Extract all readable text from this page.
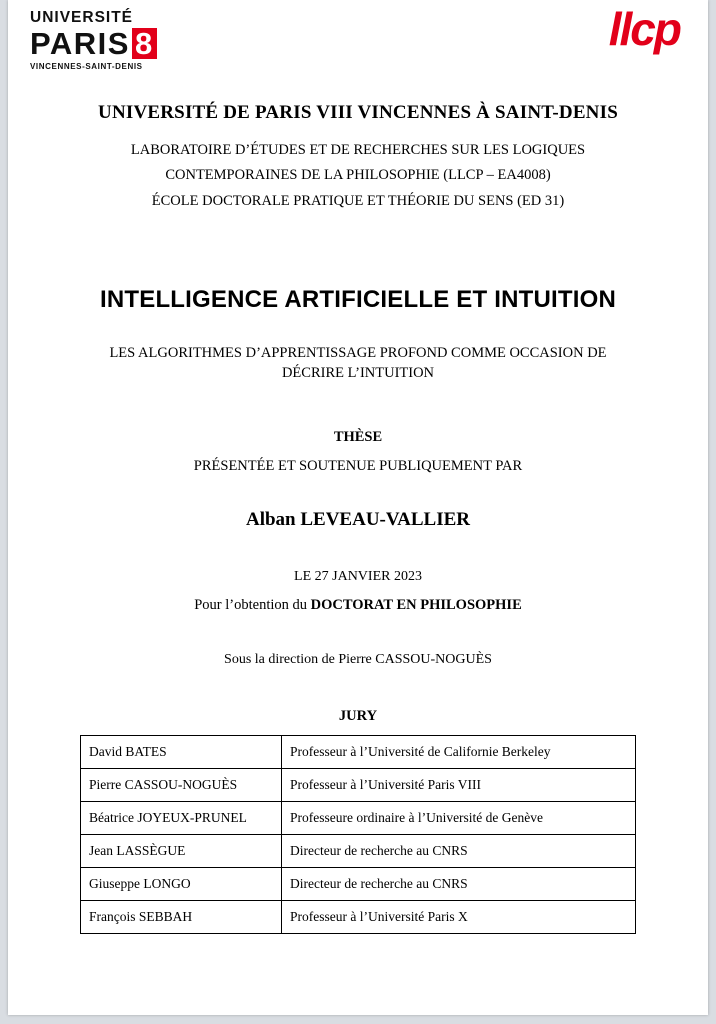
UNIVERSITÉ
PARIS 8
VINCENNES-SAINT-DENIS
llcp
UNIVERSITÉ DE PARIS VIII VINCENNES À SAINT-DENIS
LABORATOIRE D’ÉTUDES ET DE RECHERCHES SUR LES LOGIQUES
CONTEMPORAINES DE LA PHILOSOPHIE (LLCP – EA4008)
ÉCOLE DOCTORALE PRATIQUE ET THÉORIE DU SENS (ED 31)
INTELLIGENCE ARTIFICIELLE ET INTUITION
LES ALGORITHMES D’APPRENTISSAGE PROFOND COMME OCCASION DE DÉCRIRE L’INTUITION
THÈSE
PRÉSENTÉE ET SOUTENUE PUBLIQUEMENT PAR
Alban LEVEAU-VALLIER
LE 27 JANVIER 2023
Pour l’obtention du DOCTORAT EN PHILOSOPHIE
Sous la direction de Pierre CASSOU-NOGUÈS
JURY
David BATES	Professeur à l’Université de Californie Berkeley
Pierre CASSOU-NOGUÈS	Professeur à l’Université Paris VIII
Béatrice JOYEUX-PRUNEL	Professeure ordinaire à l’Université de Genève
Jean LASSÈGUE	Directeur de recherche au CNRS
Giuseppe LONGO	Directeur de recherche au CNRS
François SEBBAH	Professeur à l’Université Paris X
